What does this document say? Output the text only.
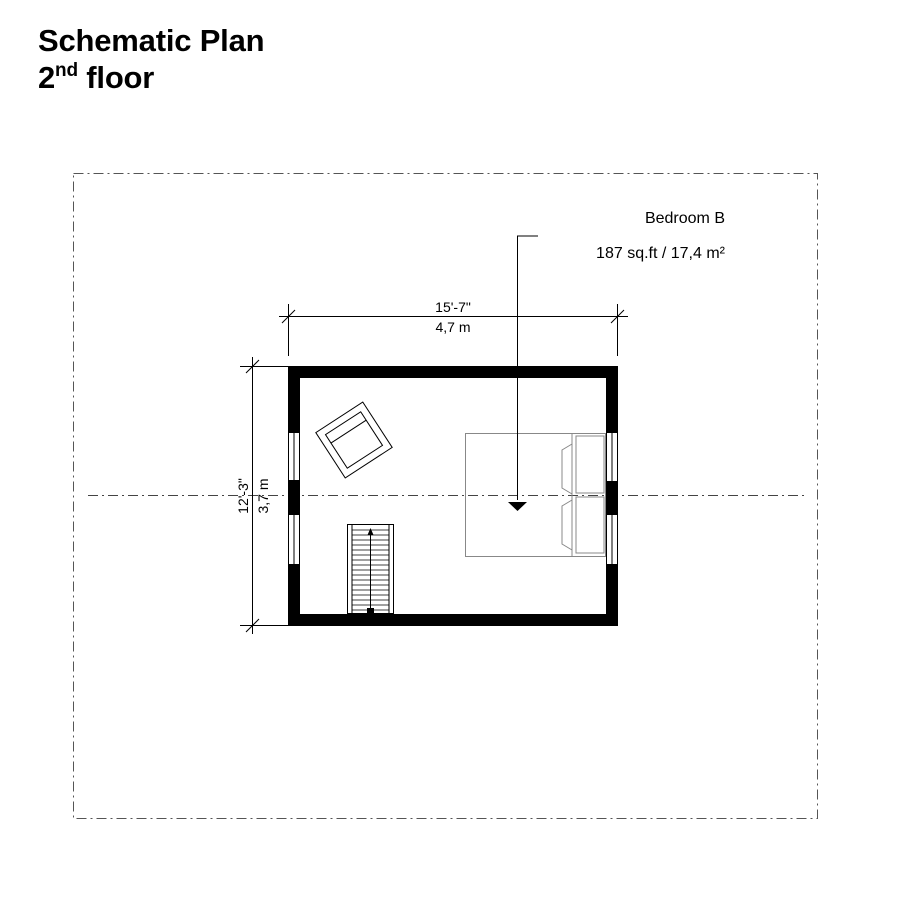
Schematic Plan
2nd floor
Bedroom B
187 sq.ft / 17,4 m²
15'-7"
4,7 m
12'-3" 3,7 m
